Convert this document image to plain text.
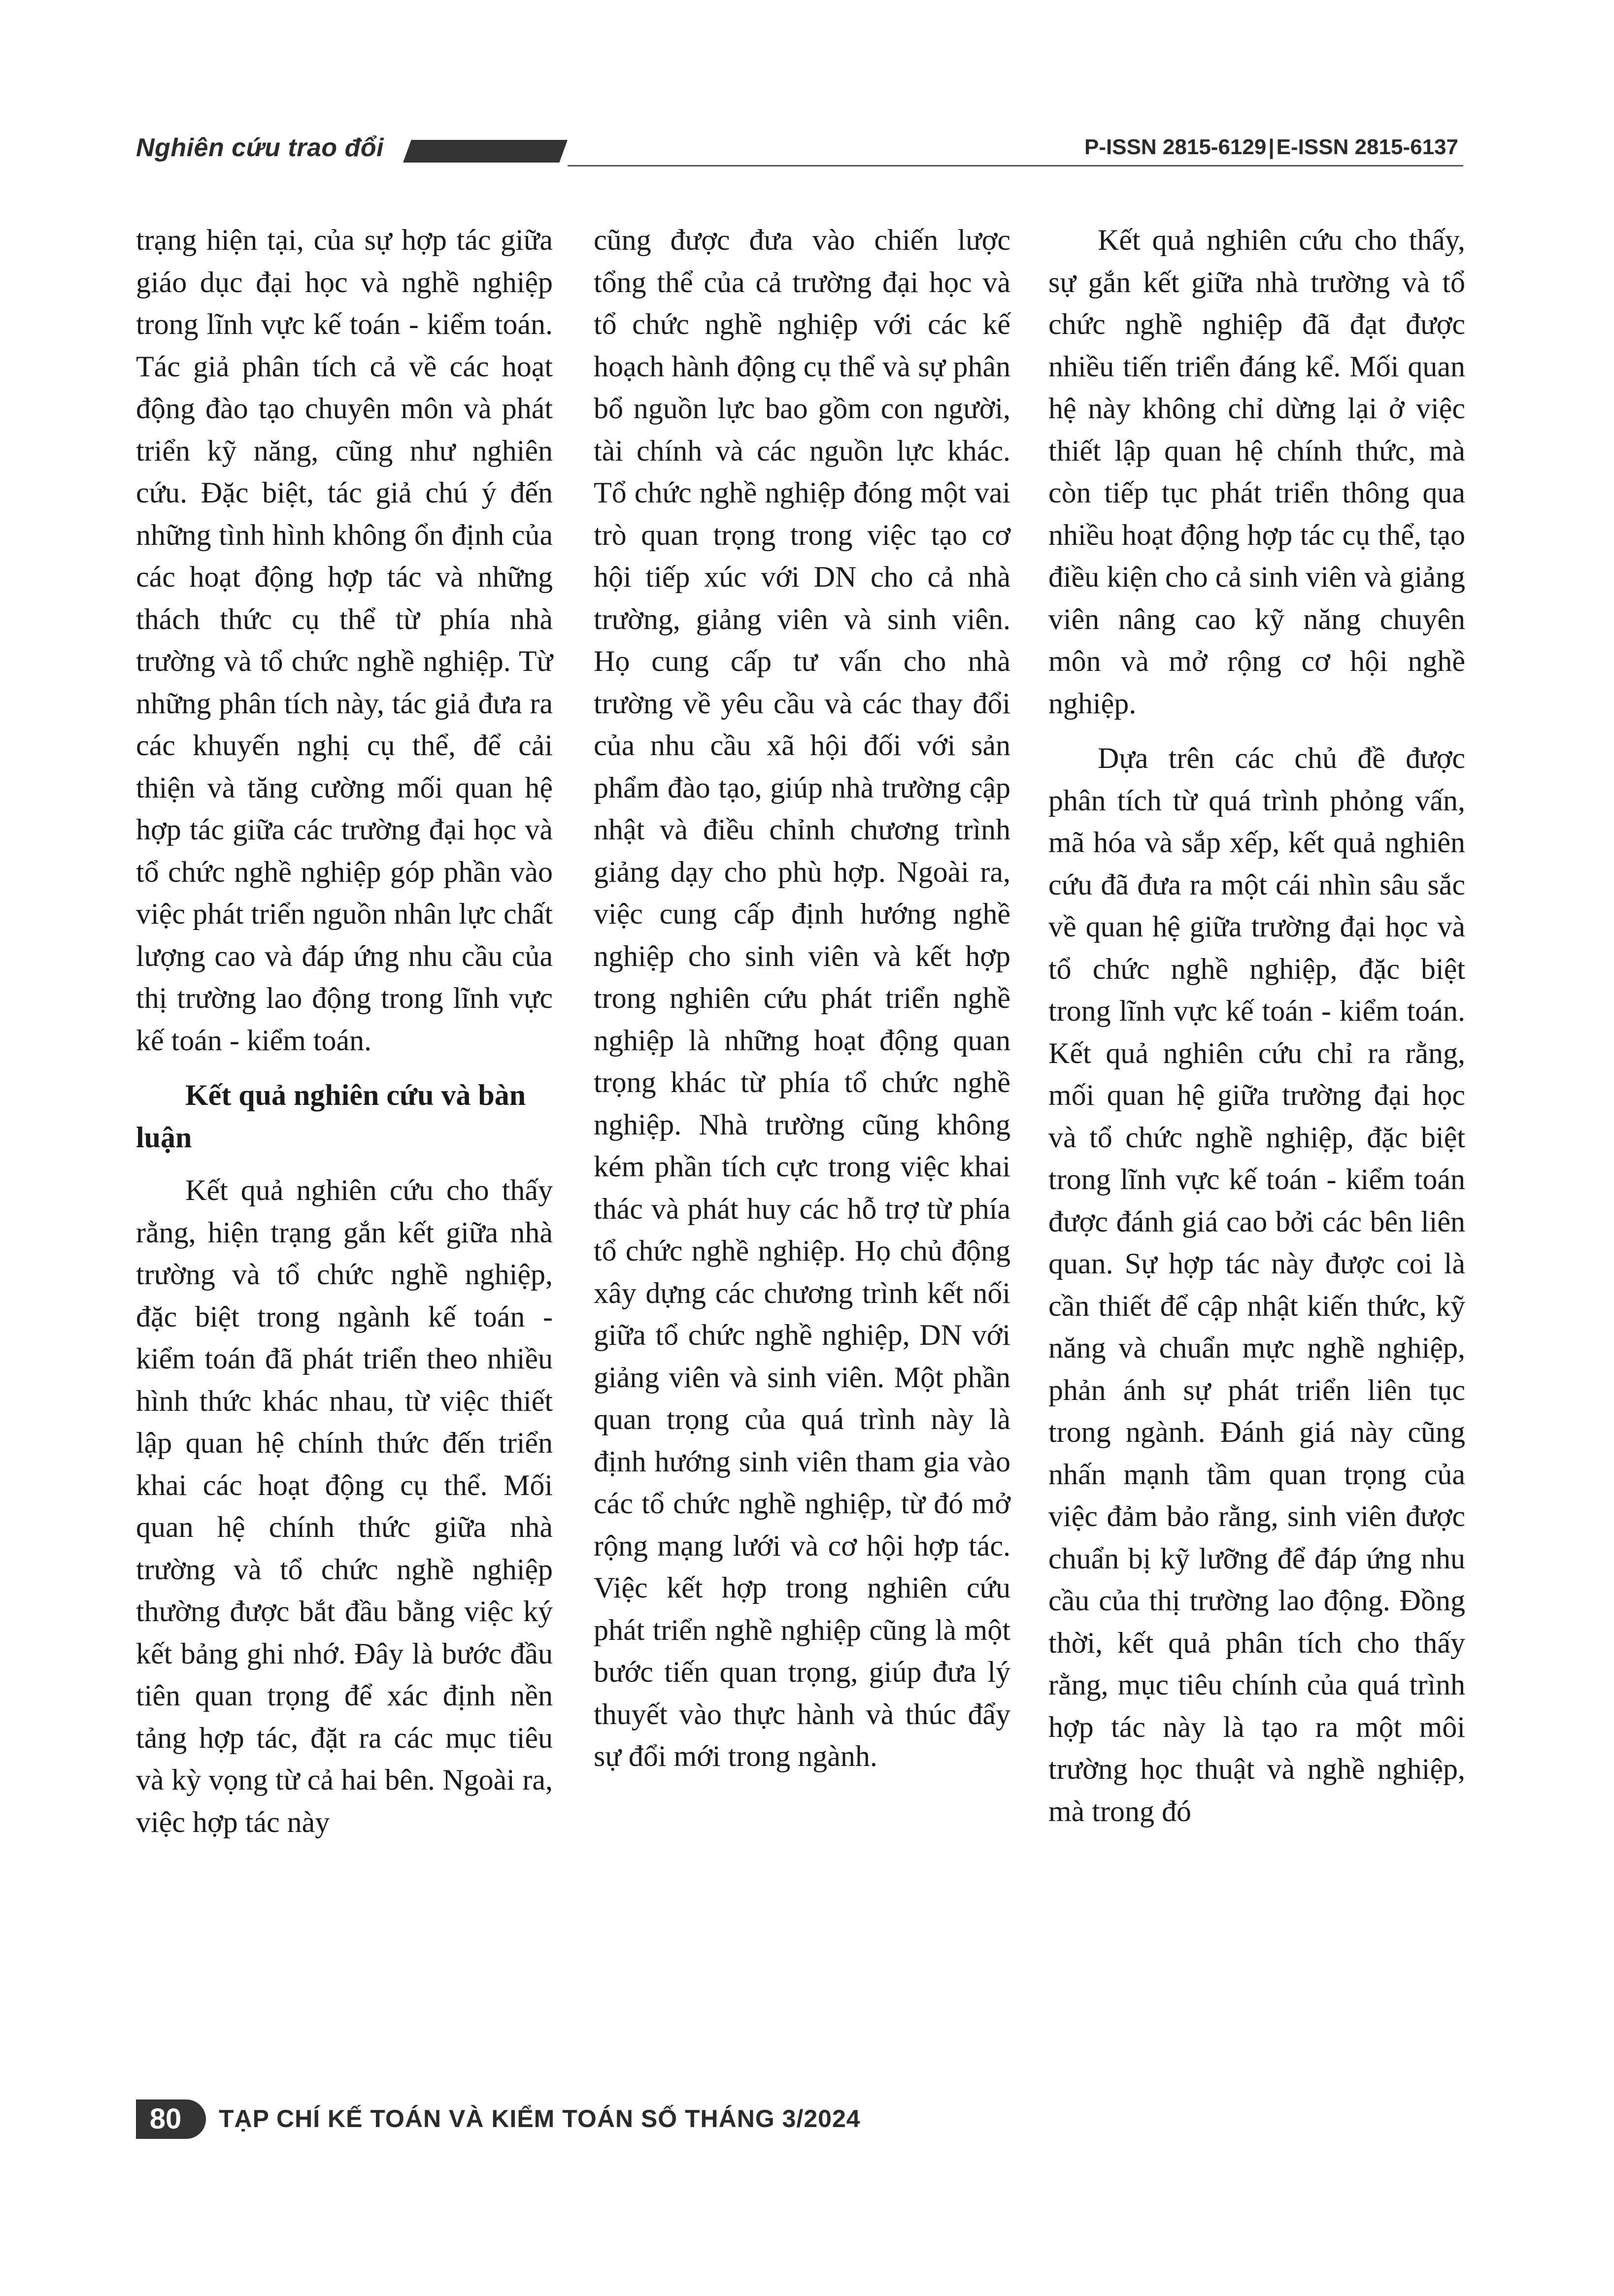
Nghiên cứu trao đổi	P-ISSN 2815-6129|E-ISSN 2815-6137

trạng hiện tại, của sự hợp tác giữa giáo dục đại học và nghề nghiệp trong lĩnh vực kế toán - kiểm toán. Tác giả phân tích cả về các hoạt động đào tạo chuyên môn và phát triển kỹ năng, cũng như nghiên cứu. Đặc biệt, tác giả chú ý đến những tình hình không ổn định của các hoạt động hợp tác và những thách thức cụ thể từ phía nhà trường và tổ chức nghề nghiệp. Từ những phân tích này, tác giả đưa ra các khuyến nghị cụ thể, để cải thiện và tăng cường mối quan hệ hợp tác giữa các trường đại học và tổ chức nghề nghiệp góp phần vào việc phát triển nguồn nhân lực chất lượng cao và đáp ứng nhu cầu của thị trường lao động trong lĩnh vực kế toán - kiểm toán.

Kết quả nghiên cứu và bàn luận

Kết quả nghiên cứu cho thấy rằng, hiện trạng gắn kết giữa nhà trường và tổ chức nghề nghiệp, đặc biệt trong ngành kế toán - kiểm toán đã phát triển theo nhiều hình thức khác nhau, từ việc thiết lập quan hệ chính thức đến triển khai các hoạt động cụ thể. Mối quan hệ chính thức giữa nhà trường và tổ chức nghề nghiệp thường được bắt đầu bằng việc ký kết bảng ghi nhớ. Đây là bước đầu tiên quan trọng để xác định nền tảng hợp tác, đặt ra các mục tiêu và kỳ vọng từ cả hai bên. Ngoài ra, việc hợp tác này

cũng được đưa vào chiến lược tổng thể của cả trường đại học và tổ chức nghề nghiệp với các kế hoạch hành động cụ thể và sự phân bổ nguồn lực bao gồm con người, tài chính và các nguồn lực khác. Tổ chức nghề nghiệp đóng một vai trò quan trọng trong việc tạo cơ hội tiếp xúc với DN cho cả nhà trường, giảng viên và sinh viên. Họ cung cấp tư vấn cho nhà trường về yêu cầu và các thay đổi của nhu cầu xã hội đối với sản phẩm đào tạo, giúp nhà trường cập nhật và điều chỉnh chương trình giảng dạy cho phù hợp. Ngoài ra, việc cung cấp định hướng nghề nghiệp cho sinh viên và kết hợp trong nghiên cứu phát triển nghề nghiệp là những hoạt động quan trọng khác từ phía tổ chức nghề nghiệp. Nhà trường cũng không kém phần tích cực trong việc khai thác và phát huy các hỗ trợ từ phía tổ chức nghề nghiệp. Họ chủ động xây dựng các chương trình kết nối giữa tổ chức nghề nghiệp, DN với giảng viên và sinh viên. Một phần quan trọng của quá trình này là định hướng sinh viên tham gia vào các tổ chức nghề nghiệp, từ đó mở rộng mạng lưới và cơ hội hợp tác. Việc kết hợp trong nghiên cứu phát triển nghề nghiệp cũng là một bước tiến quan trọng, giúp đưa lý thuyết vào thực hành và thúc đẩy sự đổi mới trong ngành.

Kết quả nghiên cứu cho thấy, sự gắn kết giữa nhà trường và tổ chức nghề nghiệp đã đạt được nhiều tiến triển đáng kể. Mối quan hệ này không chỉ dừng lại ở việc thiết lập quan hệ chính thức, mà còn tiếp tục phát triển thông qua nhiều hoạt động hợp tác cụ thể, tạo điều kiện cho cả sinh viên và giảng viên nâng cao kỹ năng chuyên môn và mở rộng cơ hội nghề nghiệp.

Dựa trên các chủ đề được phân tích từ quá trình phỏng vấn, mã hóa và sắp xếp, kết quả nghiên cứu đã đưa ra một cái nhìn sâu sắc về quan hệ giữa trường đại học và tổ chức nghề nghiệp, đặc biệt trong lĩnh vực kế toán - kiểm toán. Kết quả nghiên cứu chỉ ra rằng, mối quan hệ giữa trường đại học và tổ chức nghề nghiệp, đặc biệt trong lĩnh vực kế toán - kiểm toán được đánh giá cao bởi các bên liên quan. Sự hợp tác này được coi là cần thiết để cập nhật kiến thức, kỹ năng và chuẩn mực nghề nghiệp, phản ánh sự phát triển liên tục trong ngành. Đánh giá này cũng nhấn mạnh tầm quan trọng của việc đảm bảo rằng, sinh viên được chuẩn bị kỹ lưỡng để đáp ứng nhu cầu của thị trường lao động. Đồng thời, kết quả phân tích cho thấy rằng, mục tiêu chính của quá trình hợp tác này là tạo ra một môi trường học thuật và nghề nghiệp, mà trong đó

80	TẠP CHÍ KẾ TOÁN VÀ KIỂM TOÁN SỐ THÁNG 3/2024
